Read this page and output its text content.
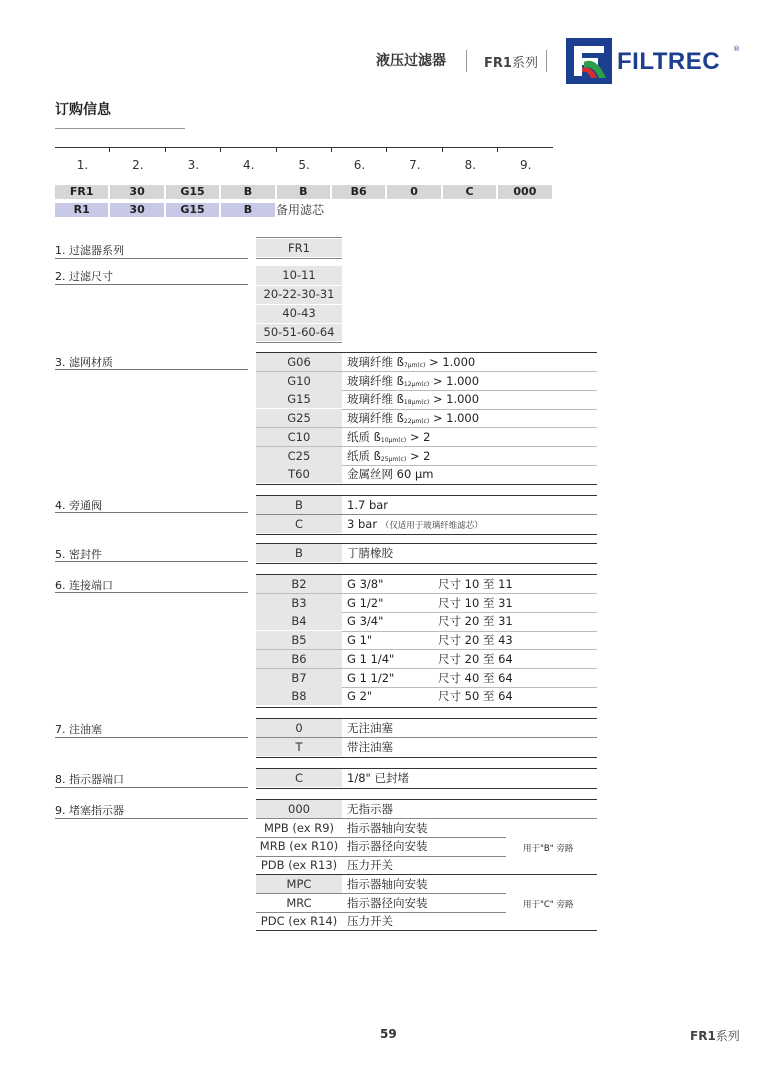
液压过滤器	FR1系列	FILTREC ®
订购信息
1.	2.	3.	4.	5.	6.	7.	8.	9.
FR1	30	G15	B	B	B6	0	C	000
R1	30	G15	B	备用滤芯
1. 过滤器系列	FR1
2. 过滤尺寸	10-11
20-22-30-31
40-43
50-51-60-64
3. 滤网材质	G06	玻璃纤维 $ß_{7\mu m(c)} > 1.000$
G10	玻璃纤维 $ß_{12\mu m(c)} > 1.000$
G15	玻璃纤维 $ß_{18\mu m(c)} > 1.000$
G25	玻璃纤维 $ß_{22\mu m(c)} > 1.000$
C10	纸质 $ß_{10\mu m(c)} > 2$
C25	纸质 $ß_{25\mu m(c)} > 2$
T60	金属丝网 60 µm
4. 旁通阀	B	1.7 bar
C	3 bar （仅适用于玻璃纤维滤芯）
5. 密封件	B	丁腈橡胶
6. 连接端口	B2	G 3/8"	尺寸 10 至 11
B3	G 1/2"	尺寸 10 至 31
B4	G 3/4"	尺寸 20 至 31
B5	G 1"	尺寸 20 至 43
B6	G 1 1/4"	尺寸 20 至 64
B7	G 1 1/2"	尺寸 40 至 64
B8	G 2"	尺寸 50 至 64
7. 注油塞	0	无注油塞
T	带注油塞
8. 指示器端口	C	1/8" 已封堵
9. 堵塞指示器	000	无指示器
MPB (ex R9)	指示器轴向安装
MRB (ex R10) 指示器径向安装
PDB (ex R13) 压力开关
MPC	指示器轴向安装
MRC	指示器径向安装
PDC (ex R14) 压力开关
用于"B" 旁路
用于"C" 旁路
59	FR1系列
